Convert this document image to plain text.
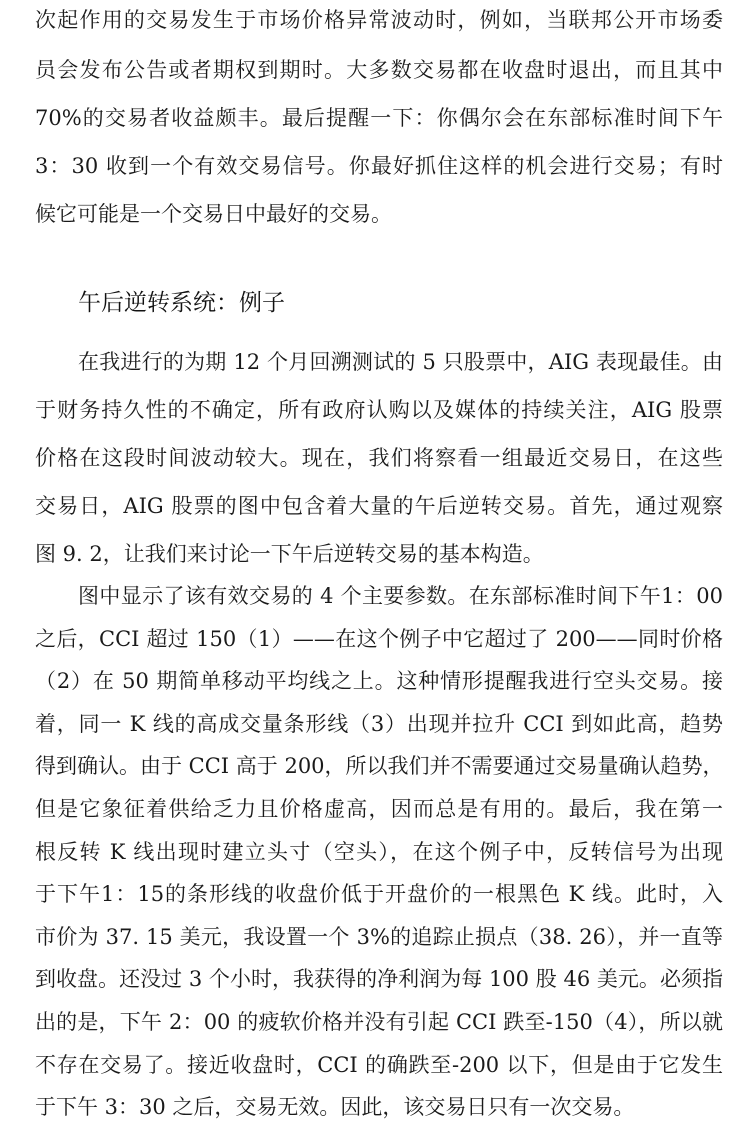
次起作用的交易发生于市场价格异常波动时，例如，当联邦公开市场委
员会发布公告或者期权到期时。大多数交易都在收盘时退出，而且其中
70%的交易者收益颇丰。最后提醒一下：你偶尔会在东部标准时间下午
3：30 收到一个有效交易信号。你最好抓住这样的机会进行交易；有时
候它可能是一个交易日中最好的交易。
午后逆转系统：例子
在我进行的为期 12 个月回溯测试的 5 只股票中，AIG 表现最佳。由
于财务持久性的不确定，所有政府认购以及媒体的持续关注，AIG 股票
价格在这段时间波动较大。现在，我们将察看一组最近交易日，在这些
交易日，AIG 股票的图中包含着大量的午后逆转交易。首先，通过观察
图 9. 2，让我们来讨论一下午后逆转交易的基本构造。
图中显示了该有效交易的 4 个主要参数。在东部标准时间下午1：00
之后，CCI 超过 150（1）——在这个例子中它超过了 200——同时价格
（2）在 50 期简单移动平均线之上。这种情形提醒我进行空头交易。接
着，同一 K 线的高成交量条形线（3）出现并拉升 CCI 到如此高，趋势
得到确认。由于 CCI 高于 200，所以我们并不需要通过交易量确认趋势，
但是它象征着供给乏力且价格虚高，因而总是有用的。最后，我在第一
根反转 K 线出现时建立头寸（空头），在这个例子中，反转信号为出现
于下午1：15的条形线的收盘价低于开盘价的一根黑色 K 线。此时，入
市价为 37. 15 美元，我设置一个 3%的追踪止损点（38. 26），并一直等
到收盘。还没过 3 个小时，我获得的净利润为每 100 股 46 美元。必须指
出的是，下午 2：00 的疲软价格并没有引起 CCI 跌至-150（4），所以就
不存在交易了。接近收盘时，CCI 的确跌至-200 以下，但是由于它发生
于下午 3：30 之后，交易无效。因此，该交易日只有一次交易。
